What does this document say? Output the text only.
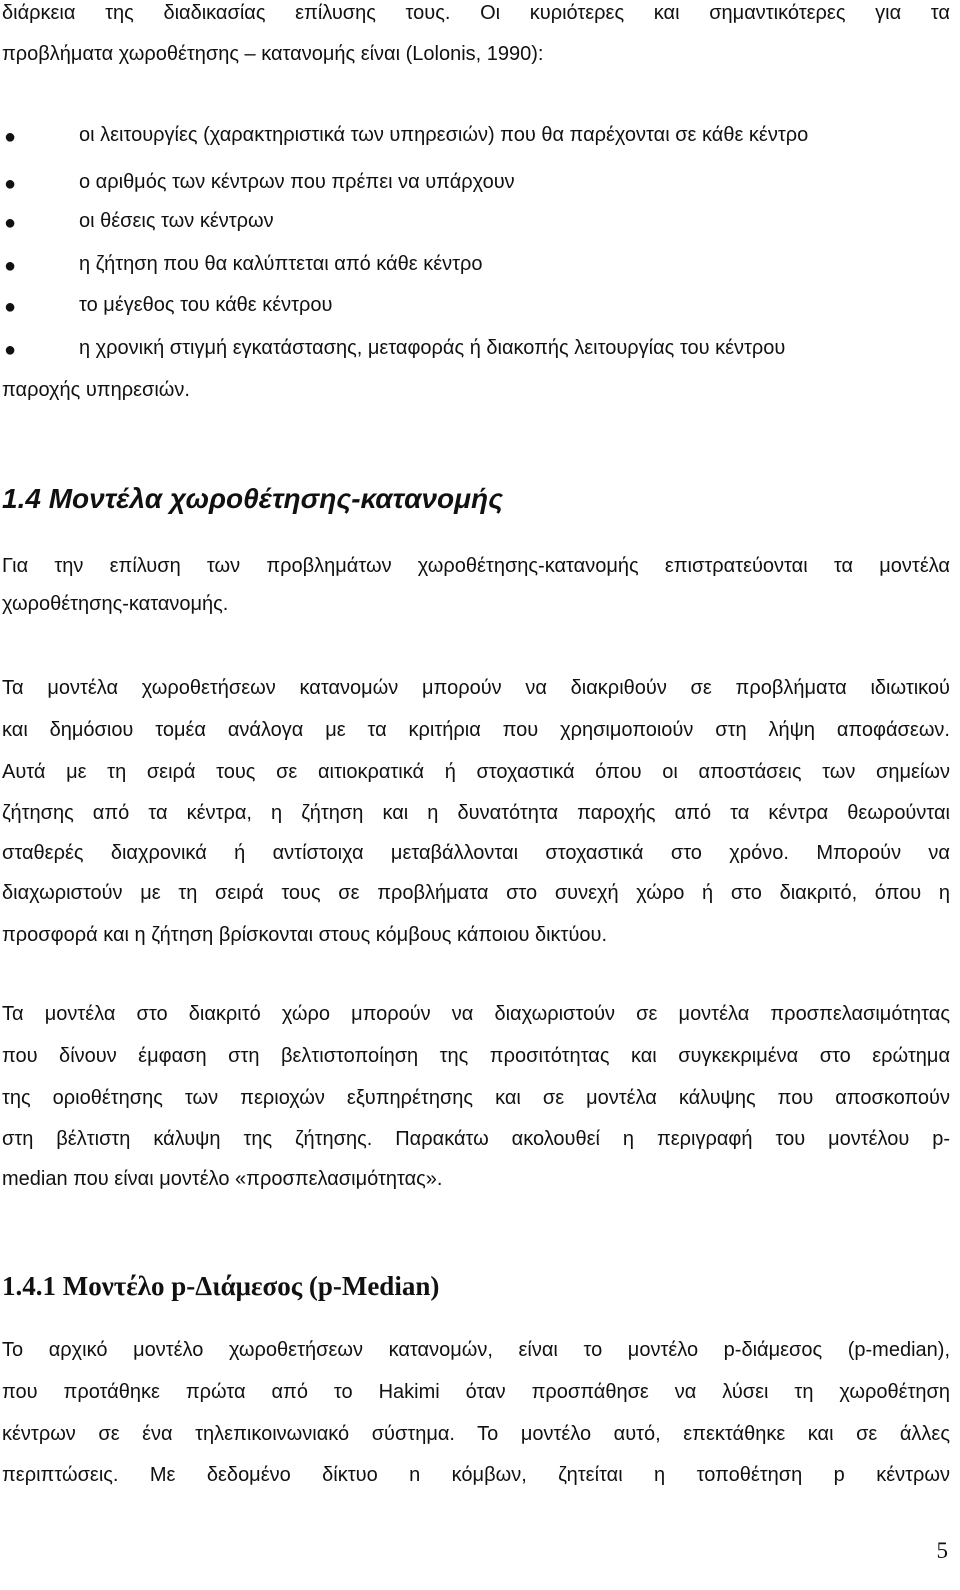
διάρκεια της διαδικασίας επίλυσης τους. Οι κυριότερες και σημαντικότερες για τα
προβλήματα χωροθέτησης – κατανομής είναι (Lolonis, 1990):
●	οι λειτουργίες (χαρακτηριστικά των υπηρεσιών) που θα παρέχονται σε κάθε κέντρο
●	ο αριθμός των κέντρων που πρέπει να υπάρχουν
●	οι θέσεις των κέντρων
●	η ζήτηση που θα καλύπτεται από κάθε κέντρο
●	το μέγεθος του κάθε κέντρου
●	η χρονική στιγμή εγκατάστασης, μεταφοράς ή διακοπής λειτουργίας του κέντρου
παροχής υπηρεσιών.
1.4 Μοντέλα χωροθέτησης-κατανομής
Για την επίλυση των προβλημάτων χωροθέτησης-κατανομής επιστρατεύονται τα μοντέλα
χωροθέτησης-κατανομής.
Τα μοντέλα χωροθετήσεων κατανομών μπορούν να διακριθούν σε προβλήματα ιδιωτικού
και δημόσιου τομέα ανάλογα με τα κριτήρια που χρησιμοποιούν στη λήψη αποφάσεων.
Αυτά με τη σειρά τους σε αιτιοκρατικά ή στοχαστικά όπου οι αποστάσεις των σημείων
ζήτησης από τα κέντρα, η ζήτηση και η δυνατότητα παροχής από τα κέντρα θεωρούνται
σταθερές διαχρονικά ή αντίστοιχα μεταβάλλονται στοχαστικά στο χρόνο. Μπορούν να
διαχωριστούν με τη σειρά τους σε προβλήματα στο συνεχή χώρο ή στο διακριτό, όπου η
προσφορά και η ζήτηση βρίσκονται στους κόμβους κάποιου δικτύου.
Τα μοντέλα στο διακριτό χώρο μπορούν να διαχωριστούν σε μοντέλα προσπελασιμότητας
που δίνουν έμφαση στη βελτιστοποίηση της προσιτότητας και συγκεκριμένα στο ερώτημα
της οριοθέτησης των περιοχών εξυπηρέτησης και σε μοντέλα κάλυψης που αποσκοπούν
στη βέλτιστη κάλυψη της ζήτησης. Παρακάτω ακολουθεί η περιγραφή του μοντέλου p-
median που είναι μοντέλο «προσπελασιμότητας».
1.4.1 Μοντέλο p-Διάμεσος (p-Median)
Το αρχικό μοντέλο χωροθετήσεων κατανομών, είναι το μοντέλο p-διάμεσος (p-median),
που προτάθηκε πρώτα από το Hakimi όταν προσπάθησε να λύσει τη χωροθέτηση
κέντρων σε ένα τηλεπικοινωνιακό σύστημα. Το μοντέλο αυτό, επεκτάθηκε και σε άλλες
περιπτώσεις. Με δεδομένο δίκτυο n κόμβων, ζητείται η τοποθέτηση p κέντρων
5
